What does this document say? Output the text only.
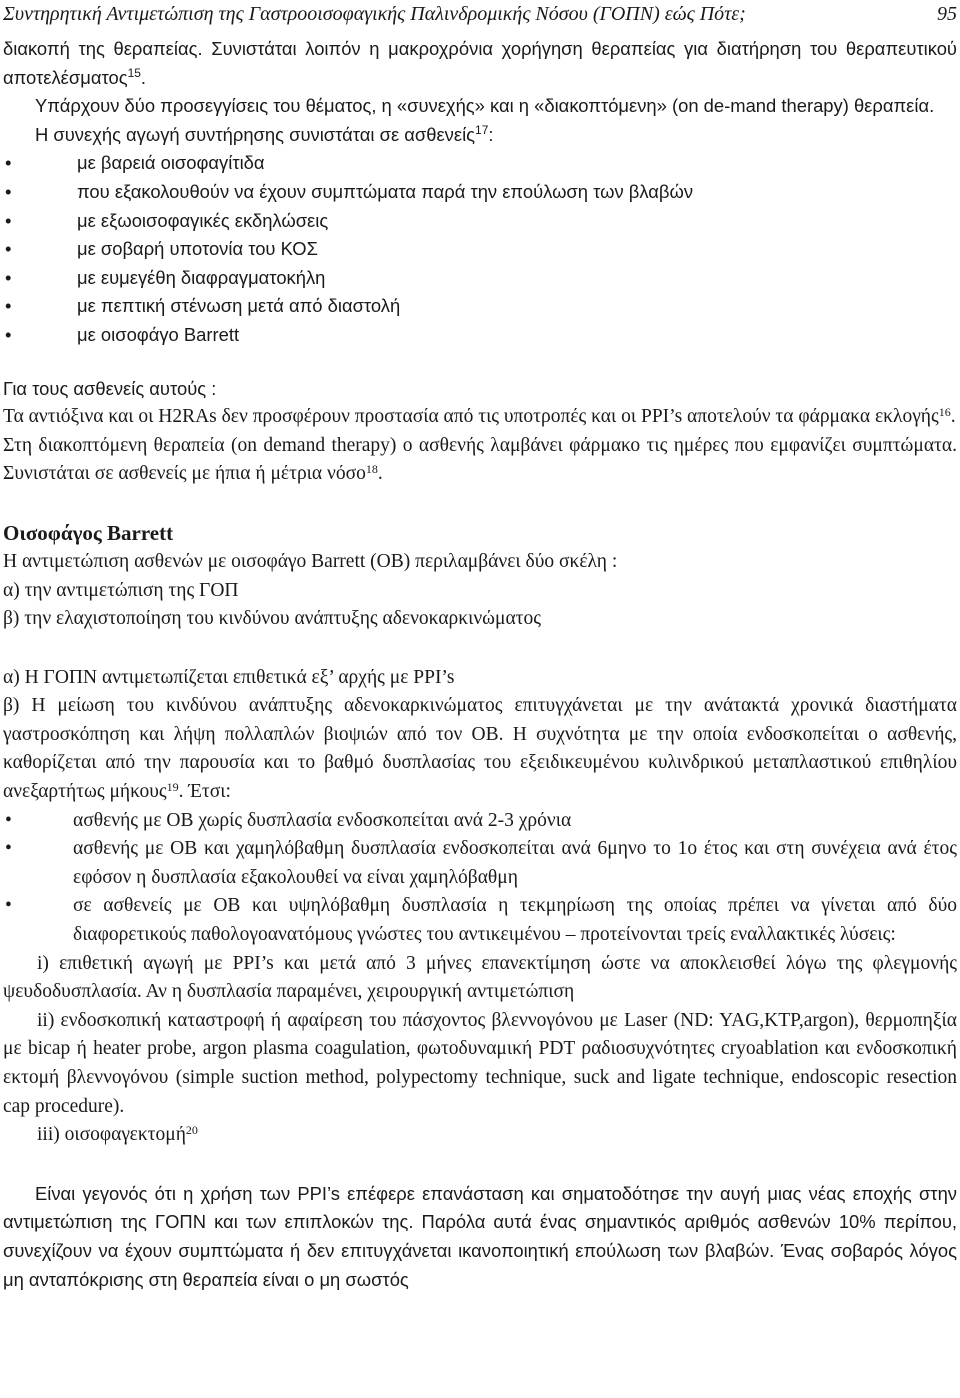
Συντηρητική Αντιμετώπιση της Γαστροοισοφαγικής Παλινδρομικής Νόσου (ΓΟΠΝ) εώς Πότε;	95

διακοπή της θεραπείας. Συνιστάται λοιπόν η μακροχρόνια χορήγηση θεραπείας για διατήρηση του θεραπευτικού αποτελέσματος$^{15}$.

Υπάρχουν δύο προσεγγίσεις του θέματος, η «συνεχής» και η «διακοπτόμενη» (on de-mand therapy) θεραπεία.

Η συνεχής αγωγή συντήρησης συνιστάται σε ασθενείς$^{17}$:

• με βαρειά οισοφαγίτιδα
• που εξακολουθούν να έχουν συμπτώματα παρά την επούλωση των βλαβών
• με εξωοισοφαγικές εκδηλώσεις
• με σοβαρή υποτονία του ΚΟΣ
• με ευμεγέθη διαφραγματοκήλη
• με πεπτική στένωση μετά από διαστολή
• με οισοφάγο Barrett

Για τους ασθενείς αυτούς :

Τα αντιόξινα και οι H2RAs δεν προσφέρουν προστασία από τις υποτροπές και οι PPI’s αποτελούν τα φάρμακα εκλογής$^{16}$.

Στη διακοπτόμενη θεραπεία (on demand therapy) ο ασθενής λαμβάνει φάρμακο τις ημέρες που εμφανίζει συμπτώματα. Συνιστάται σε ασθενείς με ήπια ή μέτρια νόσο$^{18}$.

Οισοφάγος Barrett

Η αντιμετώπιση ασθενών με οισοφάγο Barrett (OB) περιλαμβάνει δύο σκέλη :

α) την αντιμετώπιση της ΓΟΠ

β) την ελαχιστοποίηση του κινδύνου ανάπτυξης αδενοκαρκινώματος

α) Η ΓΟΠΝ αντιμετωπίζεται επιθετικά εξ’ αρχής με PPI’s

β) Η μείωση του κινδύνου ανάπτυξης αδενοκαρκινώματος επιτυγχάνεται με την ανάτακτά χρονικά διαστήματα γαστροσκόπηση και λήψη πολλαπλών βιοψιών από τον OB. Η συχνότητα με την οποία ενδοσκοπείται ο ασθενής, καθορίζεται από την παρουσία και το βαθμό δυσπλασίας του εξειδικευμένου κυλινδρικού μεταπλαστικού επιθηλίου ανεξαρτήτως μήκους$^{19}$. Έτσι:

• ασθενής με OB χωρίς δυσπλασία ενδοσκοπείται ανά 2-3 χρόνια
• ασθενής με OB και χαμηλόβαθμη δυσπλασία ενδοσκοπείται ανά 6μηνο το 1ο έτος και στη συνέχεια ανά έτος εφόσον η δυσπλασία εξακολουθεί να είναι χαμηλόβαθμη
• σε ασθενείς με OB και υψηλόβαθμη δυσπλασία η τεκμηρίωση της οποίας πρέπει να γίνεται από δύο διαφορετικούς παθολογοανατόμους γνώστες του αντικειμένου – προτείνονται τρείς εναλλακτικές λύσεις:

i) επιθετική αγωγή με PPI’s και μετά από 3 μήνες επανεκτίμηση ώστε να αποκλεισθεί λόγω της φλεγμονής ψευδοδυσπλασία. Αν η δυσπλασία παραμένει, χειρουργική αντιμετώπιση

ii) ενδοσκοπική καταστροφή ή αφαίρεση του πάσχοντος βλεννογόνου με Laser (ND: YAG,KTP,argon), θερμοπηξία με bicap ή heater probe, argon plasma coagulation, φωτοδυναμική PDT ραδιοσυχνότητες cryoablation και ενδοσκοπική εκτομή βλεννογόνου (simple suction method, polypectomy technique, suck and ligate technique, endoscopic resection cap procedure).

iii) οισοφαγεκτομή$^{20}$

Είναι γεγονός ότι η χρήση των PPI’s επέφερε επανάσταση και σηματοδότησε την αυγή μιας νέας εποχής στην αντιμετώπιση της ΓΟΠΝ και των επιπλοκών της. Παρόλα αυτά ένας σημαντικός αριθμός ασθενών 10% περίπου, συνεχίζουν να έχουν συμπτώματα ή δεν επιτυγχάνεται ικανοποιητική επούλωση των βλαβών. Ένας σοβαρός λόγος μη ανταπόκρισης στη θεραπεία είναι ο μη σωστός
